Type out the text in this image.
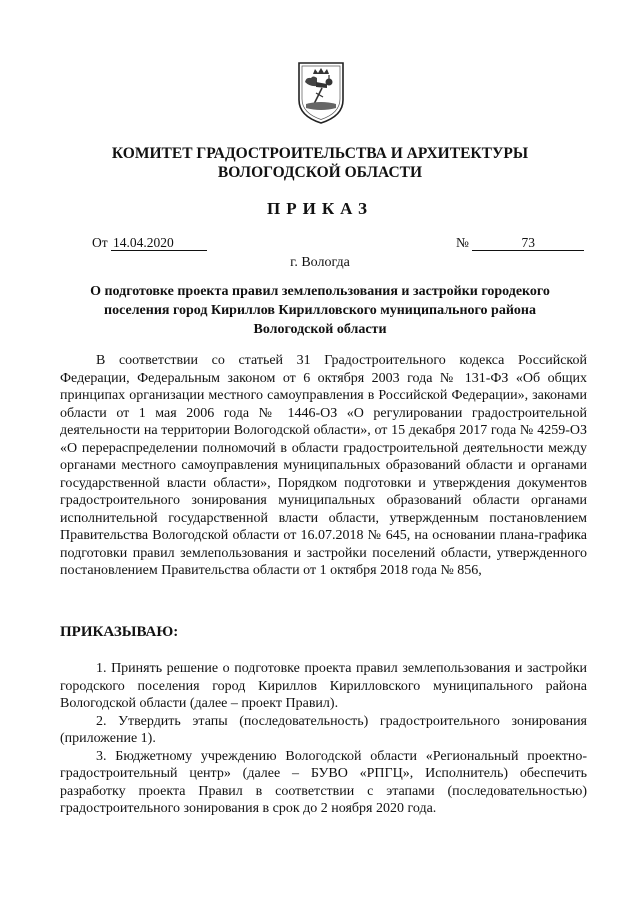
КОМИТЕТ ГРАДОСТРОИТЕЛЬСТВА И АРХИТЕКТУРЫ
ВОЛОГОДСКОЙ ОБЛАСТИ
ПРИКАЗ
От 14.04.2020	№	73
г. Вологда
О подготовке проекта правил землепользования и застройки городекого поселения город Кириллов Кирилловского муниципального района Вологодской области
В соответствии со статьей 31 Градостроительного кодекса Российской Федерации, Федеральным законом от 6 октября 2003 года № 131-ФЗ «Об общих принципах организации местного самоуправления в Российской Федерации», законами области от 1 мая 2006 года № 1446-ОЗ «О регулировании градостроительной деятельности на территории Вологодской области», от 15 декабря 2017 года № 4259-ОЗ «О перераспределении полномочий в области градостроительной деятельности между органами местного самоуправления муниципальных образований области и органами государственной власти области», Порядком подготовки и утверждения документов градостроительного зонирования муниципальных образований области органами исполнительной государственной власти области, утвержденным постановлением Правительства Вологодской области от 16.07.2018 № 645, на основании плана-графика подготовки правил землепользования и застройки поселений области, утвержденного постановлением Правительства области от 1 октября 2018 года № 856,
ПРИКАЗЫВАЮ:

1. Принять решение о подготовке проекта правил землепользования и застройки городского поселения город Кириллов Кирилловского муниципального района Вологодской области (далее – проект Правил).

2. Утвердить этапы (последовательность) градостроительного зонирования (приложение 1).

3. Бюджетному учреждению Вологодской области «Региональный проектно-градостроительный центр» (далее – БУВО «РПГЦ», Исполнитель) обеспечить разработку проекта Правил в соответствии с этапами (последовательностью) градостроительного зонирования в срок до 2 ноября 2020 года.
